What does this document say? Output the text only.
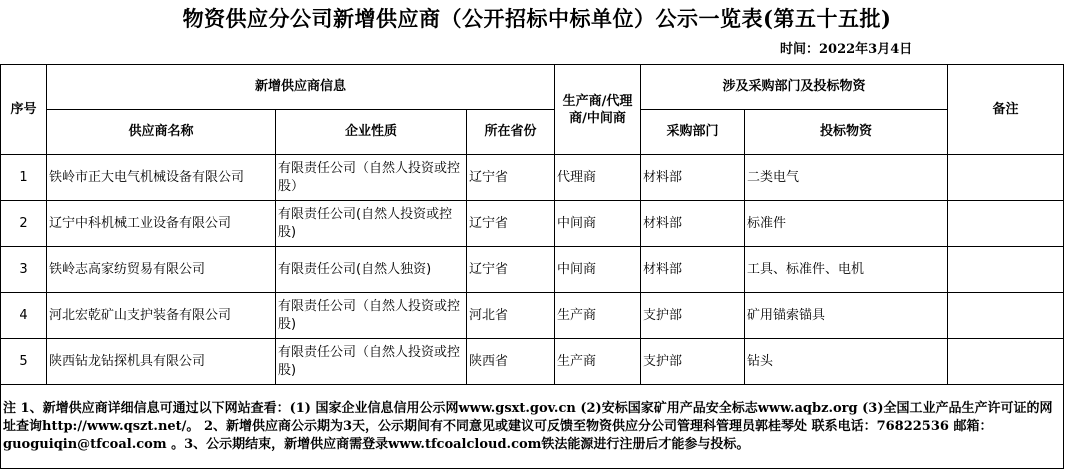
物资供应分公司新增供应商（公开招标中标单位）公示一览表(第五十五批)
时间：2022年3月4日
序号	新增供应商信息			生产商/代理商/中间商	涉及采购部门及投标物资		备注
	供应商名称	企业性质	所在省份		采购部门	投标物资	
1	铁岭市正大电气机械设备有限公司	有限责任公司（自然人投资或控股）	辽宁省	代理商	材料部	二类电气	
2	辽宁中科机械工业设备有限公司	有限责任公司(自然人投资或控股)	辽宁省	中间商	材料部	标准件	
3	铁岭志高家纺贸易有限公司	有限责任公司(自然人独资)	辽宁省	中间商	材料部	工具、标准件、电机	
4	河北宏乾矿山支护装备有限公司	有限责任公司（自然人投资或控股)	河北省	生产商	支护部	矿用锚索锚具	
5	陕西钻龙钻探机具有限公司	有限责任公司（自然人投资或控股)	陕西省	生产商	支护部	钻头	
注 1、新增供应商详细信息可通过以下网站查看：(1) 国家企业信息信用公示网www.gsxt.gov.cn (2)安标国家矿用产品安全标志www.aqbz.org (3)全国工业产品生产许可证的网址查询http://www.qszt.net/。 2、新增供应商公示期为3天，公示期间有不同意见或建议可反馈至物资供应分公司管理科管理员郭桂琴处 联系电话：76822536 邮箱：guoguiqin@tfcoal.com 。3、公示期结束，新增供应商需登录www.tfcoalcloud.com铁法能源进行注册后才能参与投标。							
